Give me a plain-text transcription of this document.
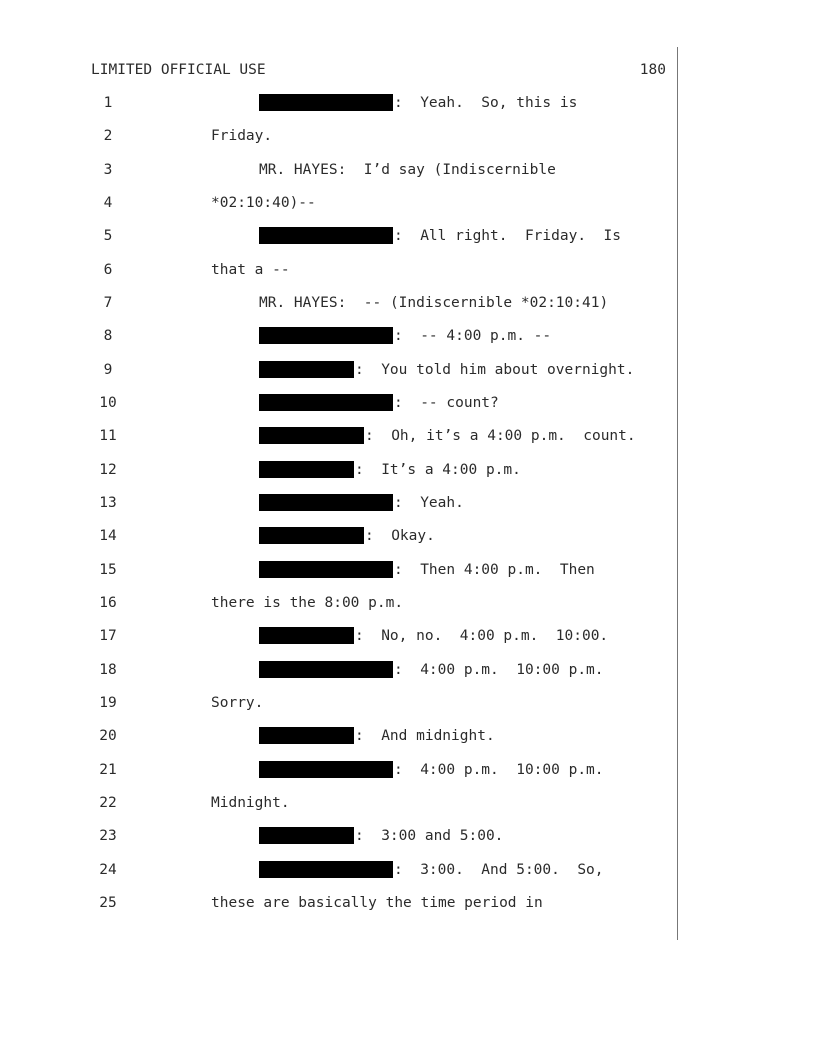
LIMITED OFFICIAL USE	180
1	:  Yeah.  So, this is
2	Friday.
3	MR. HAYES:  I’d say (Indiscernible
4	*02:10:40)--
5	:  All right.  Friday.  Is
6	that a --
7	MR. HAYES:  -- (Indiscernible *02:10:41)
8	:  -- 4:00 p.m. --
9	:  You told him about overnight.
10	:  -- count?
11	:  Oh, it’s a 4:00 p.m.  count.
12	:  It’s a 4:00 p.m.
13	:  Yeah.
14	:  Okay.
15	:  Then 4:00 p.m.  Then
16	there is the 8:00 p.m.
17	:  No, no.  4:00 p.m.  10:00.
18	:  4:00 p.m.  10:00 p.m.
19	Sorry.
20	:  And midnight.
21	:  4:00 p.m.  10:00 p.m.
22	Midnight.
23	:  3:00 and 5:00.
24	:  3:00.  And 5:00.  So,
25	these are basically the time period in
